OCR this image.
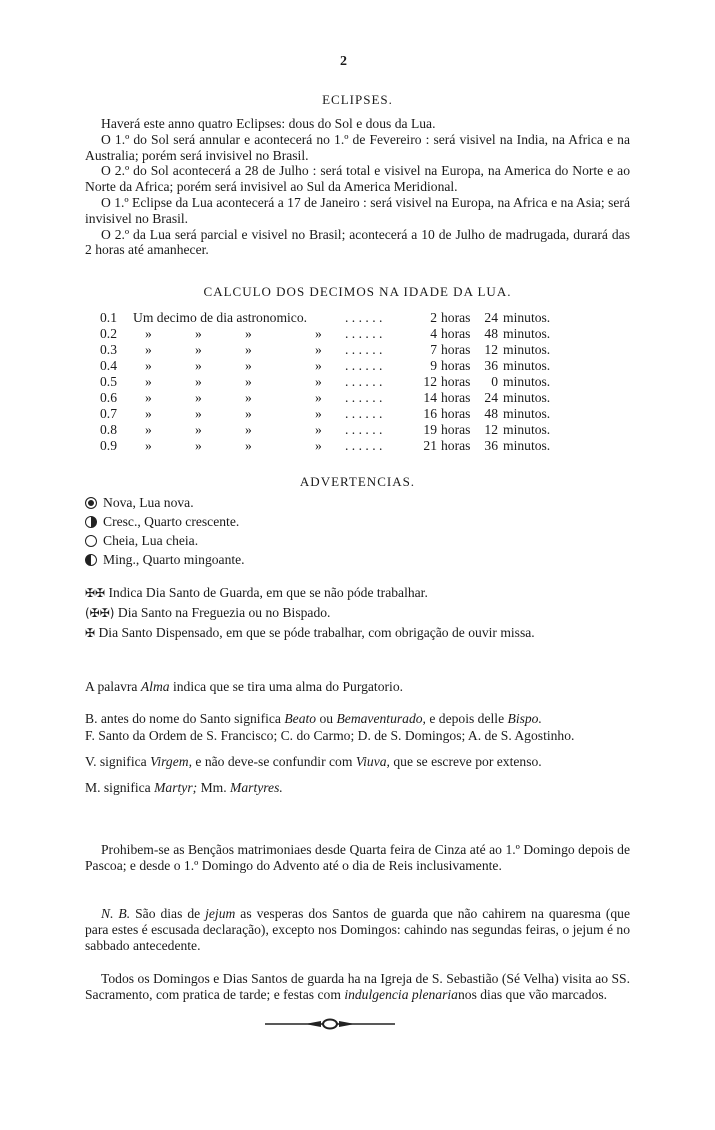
2
ECLIPSES.
Haverá este anno quatro Eclipses: dous do Sol e dous da Lua.
O 1.º do Sol será annular e acontecerá no 1.º de Fevereiro : será visivel na India, na Africa e na Australia; porém será invisivel no Brasil.
O 2.º do Sol acontecerá a 28 de Julho : será total e visivel na Europa, na America do Norte e ao Norte da Africa; porém será invisivel ao Sul da America Meridional.
O 1.º Eclipse da Lua acontecerá a 17 de Janeiro : será visivel na Europa, na Africa e na Asia; será invisivel no Brasil.
O 2.º da Lua será parcial e visivel no Brasil; acontecerá a 10 de Julho de madrugada, durará das 2 horas até amanhecer.
CALCULO DOS DECIMOS NA IDADE DA LUA.
0.1 Um decimo de dia astronomico.	. . . . . .	2 horas	24 minutos.
0.2 »	»	»	» . . . . . .	4 horas	48 minutos.
0.3 »	»	»	» . . . . . .	7 horas	12 minutos.
0.4 »	»	»	» . . . . . .	9 horas	36 minutos.
0.5 »	»	»	» . . . . . .	12 horas	0 minutos.
0.6 »	»	»	» . . . . . .	14 horas	24 minutos.
0.7 »	»	»	» . . . . . .	16 horas	48 minutos.
0.8 »	»	»	» . . . . . .	19 horas	12 minutos.
0.9 »	»	»	» . . . . . .	21 horas	36 minutos.
ADVERTENCIAS.
Nova, Lua nova.
Cresc., Quarto crescente.
Cheia, Lua cheia.
Ming., Quarto mingoante.
✠✠ Indica Dia Santo de Guarda, em que se não póde trabalhar.
(✠✠) Dia Santo na Freguezia ou no Bispado.
✠ Dia Santo Dispensado, em que se póde trabalhar, com obrigação de ouvir missa.
A palavra Alma indica que se tira uma alma do Purgatorio.
B. antes do nome do Santo significa Beato ou Bemaventurado, e depois delle Bispo.
F. Santo da Ordem de S. Francisco; C. do Carmo; D. de S. Domingos; A. de S. Agostinho.
V. significa Virgem, e não deve-se confundir com Viuva, que se escreve por extenso.
M. significa Martyr; Mm. Martyres.
Prohibem-se as Bençãos matrimoniaes desde Quarta feira de Cinza até ao 1.º Domingo depois de Pascoa; e desde o 1.º Domingo do Advento até o dia de Reis inclusivamente.
N. B. São dias de jejum as vesperas dos Santos de guarda que não cahirem na quaresma (que para estes é escusada declaração), excepto nos Domingos: cahindo nas segundas feiras, o jejum é no sabbado antecedente.
Todos os Domingos e Dias Santos de guarda ha na Igreja de S. Sebastião (Sé Velha) visita ao SS. Sacramento, com pratica de tarde; e festas com indulgencia plenarianos dias que vão marcados.
